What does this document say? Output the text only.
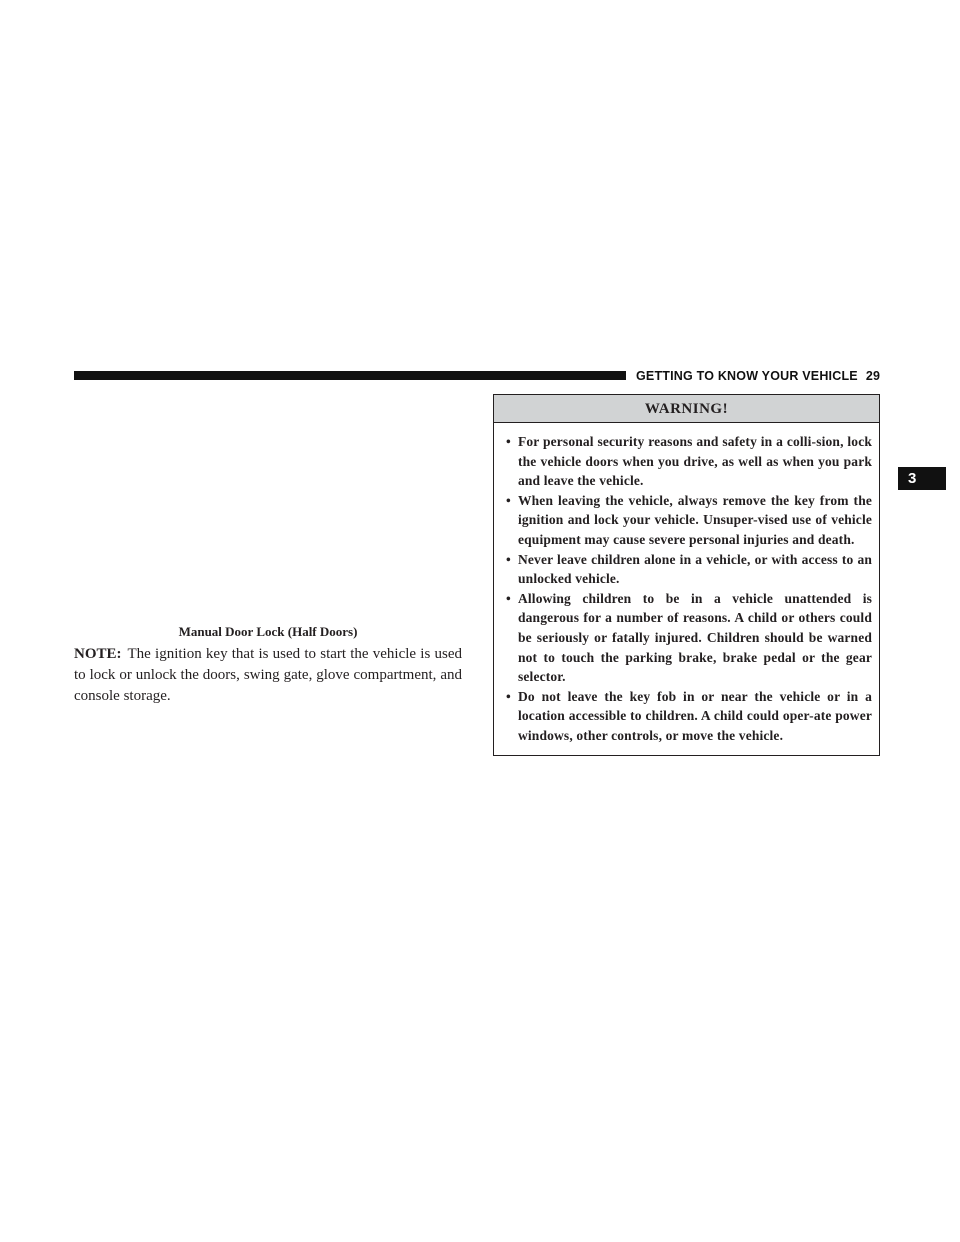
GETTING TO KNOW YOUR VEHICLE 29
3
Manual Door Lock (Half Doors)

NOTE: The ignition key that is used to start the vehicle is used to lock or unlock the doors, swing gate, glove compartment, and console storage.

WARNING!
• For personal security reasons and safety in a colli-sion, lock the vehicle doors when you drive, as well as when you park and leave the vehicle.
• When leaving the vehicle, always remove the key from the ignition and lock your vehicle. Unsuper-vised use of vehicle equipment may cause severe personal injuries and death.
• Never leave children alone in a vehicle, or with access to an unlocked vehicle.
• Allowing children to be in a vehicle unattended is dangerous for a number of reasons. A child or others could be seriously or fatally injured. Children should be warned not to touch the parking brake, brake pedal or the gear selector.
• Do not leave the key fob in or near the vehicle or in a location accessible to children. A child could oper-ate power windows, other controls, or move the vehicle.
